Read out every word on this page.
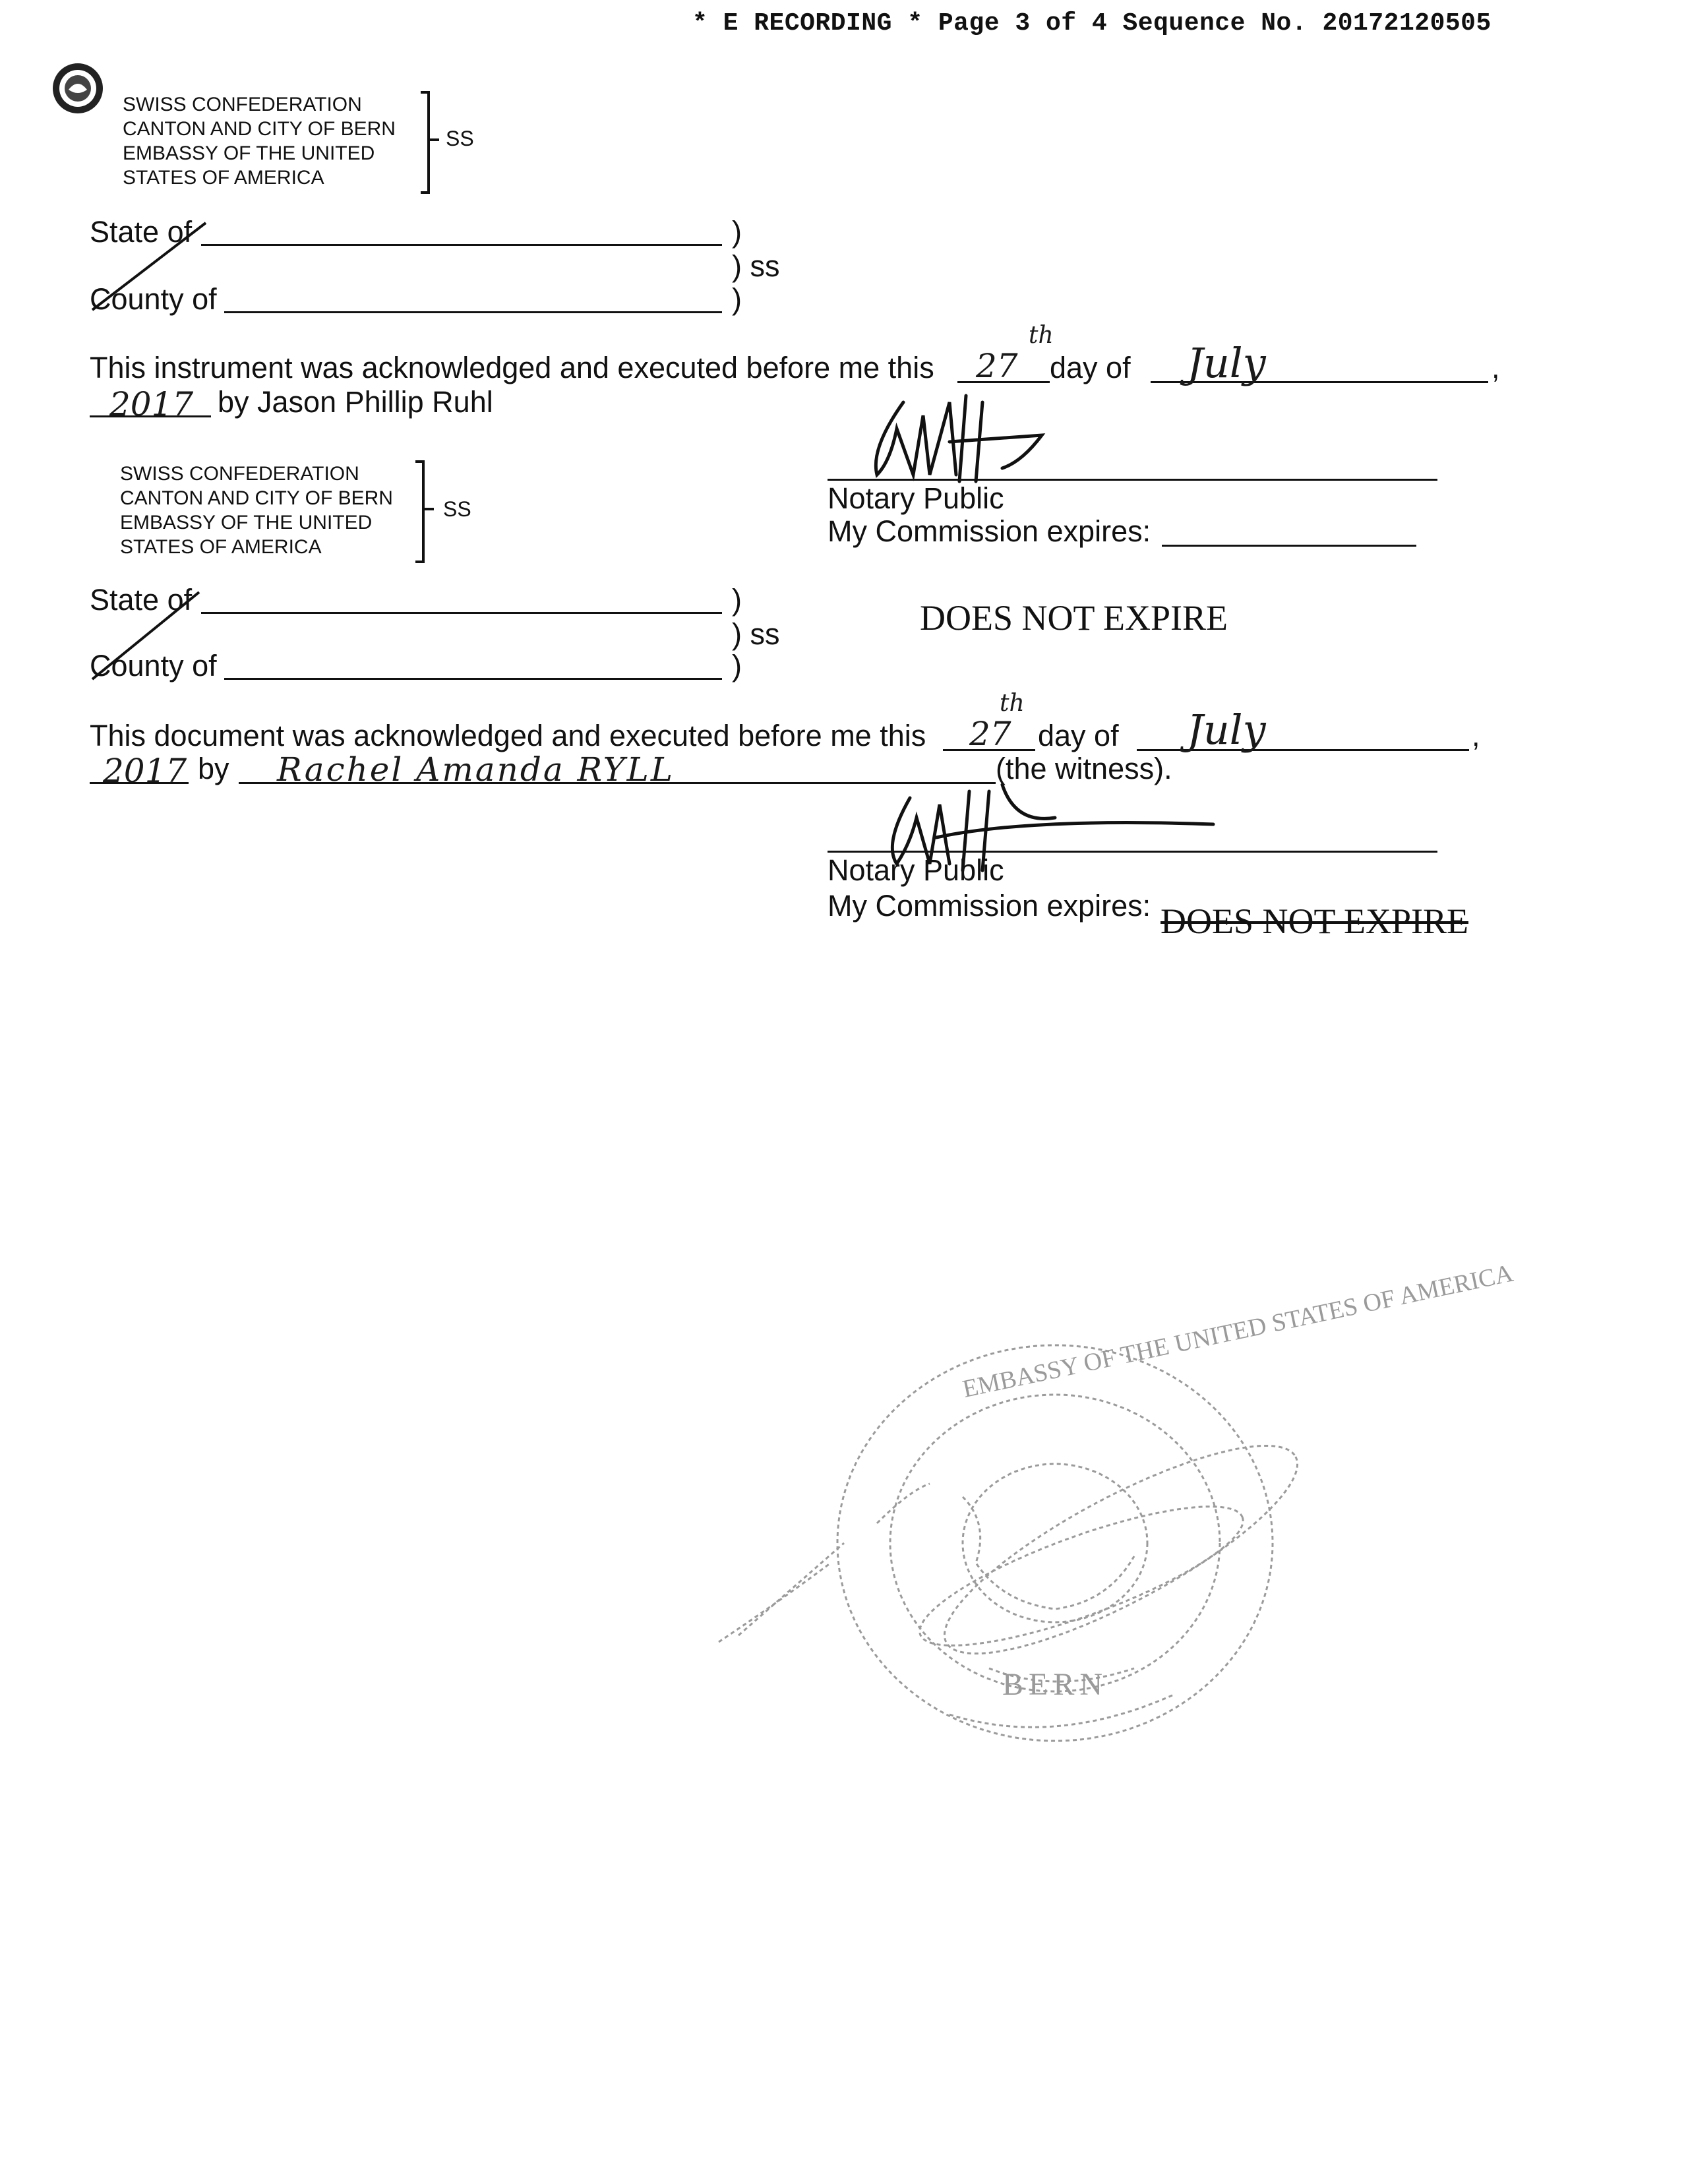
* E RECORDING * Page 3 of 4 Sequence No. 20172120505
SWISS CONFEDERATION
CANTON AND CITY OF BERN
EMBASSY OF THE UNITED
STATES OF AMERICA
SS
State of	)
) ss
County of	)
This instrument was acknowledged and executed before me this 27
th
day of July	,
2017 by Jason Phillip Ruhl
SWISS CONFEDERATION
CANTON AND CITY OF BERN
EMBASSY OF THE UNITED
STATES OF AMERICA
SS	Notary Public
My Commission expires:
DOES NOT EXPIRE
State of	)
) ss
County of	)
This document was acknowledged and executed before me this 27
th
day of July	,
2017 by Rachel Amanda RYLL	(the witness).
Notary Public
My Commission expires: DOES NOT EXPIRE
EMBASSY OF THE UNITED STATES OF AMERICA
BERN
